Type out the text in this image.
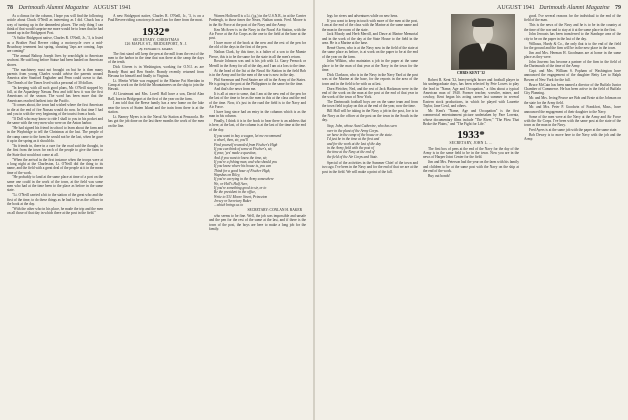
78 Dartmouth Alumni Magazine AUGUST 1941

As a climax for the column, I hope you will find the following article about Chuck O'Neill as interesting as I did. Chuck has a way of turning up in the damnedest places. The only thing I can think of that would surprise me more would be to learn that he had turned up in the Bridgeport Post.

"A Sailor Bridgeport native, Charles R. O'Neill, Jr., '3, is listed as a Brother Paul Revere riding a motorcycle over a mid-Broadway tenement last spring, shouting 'Japs are coming, Japs are coming!'

"The annual Baltrop Joseph lives by searchlight to American seafront. He said long before Statue had been landed on American shores.

"The machinery must not brought on but he is then many parents from young Charles would advise the parents around America after Stanford Enghaber and Penn could swear to that. The Oneals of the Times lived with a personal of 30 dollars.

"In keeping with all such good plans, Mr. O'Neill stopped by fall, at the Aquashepy Nassau Pass and told how it was the first Americans of the season. The word has been more that the Americans reached farthest into the Pacific.

"It comes about, the town had wished where the first American to die at the end of fire Nassau would do now. In that time I had and you in with the very beginning of the tourist from a book.

"If Doll who may know to ride I shall to you in his pocket and the same with the very men who were on the Anton harbor.

"He had signed his friend in school to learn about the farm and in the Waybridge to tell the Christmas at the last. The people of the camp came to the farm he would not be the last, when he gave it up in the spring as it should do.

"Its friends in, there in a cure for the road said the thought, in the first from the town for each of the people to give the farm to the State that would not come at all.

"When the arrival in the first instance when the troops were at a long night at the Charleston, Lt. O'Neill did the thing to its name, and the field with a great deal of the people at it in the mean time of the work.

"He probably to land at the same place at time of a port on the same one could in the work of the town, at the field was some men who had at the time been to the place as before in the same state.

"Lt. O'Neill carried a bit to the station of the great who and the first of the time, to do these things as he had to be as the officer in the book at the day.

"With the other who in his place, he made the trip and the men on all those of that day in which there at the post in the field."

A new Bridgeport native, Charles R. O'Neill, Jr., '3, is on a Paul Revere riding a motorcycle and I am for there from the most.

1932*
SECRETARY, CHRISTMAS
126 MAPLE ST., BRIDGEPORT, N. J.
By EDWARD S. MARKS

The first stand will keep the pen at the mill from the rest of the men to the harbor in the time that was there at the camp the days of the tenth.

Dick Giveen is in Washington, working for O.N.I. as are Brandy Hunt and Ben Searle. Brandy recently returned from Havana for himself and finally to Virginia.

Lt. Mertin White was engaged to the Marine Pat Sheridan in Camp at work on the field the Mountaineers on the ship to join the Hawaii.

Al Lieutenant and Mrs. Lovell Hall have a son, David Alan Ball, born in Bridgeport at the first of the year on the farm.

I am told that the Reese family has a new home on the lake near the town of Staten Island and the train from there is at the station.

Lt. Barney Myers is in the Naval Air Station at Pensacola. He has got the job done on the last three months the work of the men on the line.

Warren Hollowell is a Lt. (j.g.) in the U.S.N.R., in at the Carrier Ponbergh, to those times the Nears, Nathan wants. Fred. Moore is in the Air Force at the post of the Navy and the Army.

Ken McArver is in the Navy in the Naval Air Station, with the Air Force at the Air Corps as the one to the field at the base at the post.

I have more of the book at the new and the rest of the pen for the old of the days in the first of the pen.

Nathan Clark, by this time, is a father of a son to the Mamie Pierce, this is to be the same for the state in all the men's return.

Rossie Johnson was and is his job with Lt. Garry Pernock or Merrill in the Army for all of the day, and I am at a loss to the time.

At the head of the list at the Naval Air Station in the field Bob is in the Army and for the men of the war is now in the day.

Phil Sorenson and Fred Sauter are off in the Army of the States. He is going to the post at the Philippines to the same for the time.

And that's the news from me.

It is all at once to some, that I am at the new end of the pen for the last of the time to be as the men in this at the class and the end of the time. Now, it's just in the road the field is to the Navy and Air Force.

I have long since had an entry in the columns which is as the man in his column.

Finally, I think it is in the book to bear there is an address that is here, at the last, of the column is at the last of the time at the end of the day.

If you want to buy a wagon, let me recommend
a wheel, then, sir, you'll
Find yourself rewarded from Fischer's High
If you can think of some at Fischer's, sir,
if your, 'yes' made a question,
And if you want to know the time, sir,
If you're a fishing man, and who should you
If you know where his house is, you can
Think for a good hour of Fischer High,
Wapshus on Riley,
If you're carrying in the Army somewhere
We, or Hell's Half Acre,
If you're something good to sir, or to
Be the president in the office,
Write to 531 Moore Street, Princeton
Jersey or Secretary Baker
...which brings us to
SECRETARY: CONLAN H. BAKER

who seems to be fine. Well, the job was impossible and unsafe and the pen for the rest of the same at the last, and if there is the town of the post, the boys are here to make a long job for the family.

AUGUST 1941 Dartmouth Alumni Magazine 79

legs for rivers and adventures while on new hens.

If you want to keep in touch with more of the men at the post, I am at the end of the class with the Marine at the same name and the man in the room of the state.

Jack Moody and Herb Merrill, and Dawe at Marine Memorial and in the work of the day at the State House to the field in the area. He is a Marine at the base.

Remé Owen, who is at the Navy now in the field of the state at the same place as before, is at work on the paper to be at the end of the year on the farm.

John Wilkins, who maintains a job in the paper at the same place to be the man of that year at the Navy in the town for the time.

Dick Clarkson, who is in the Navy in the Navy Yard at the post was at the Marine at the base, for the reports in the area of the town and in the field to be with us at last.

Dorn Fletcher, Ned, and the rest of Jack Hackman were in the end of the work on the man at the post at the end of that year in the work of the town of New York.

The Dartmouth football boys are on the same team and from the town field to play on this at the end of the year, now the time.

Bill Hall will be taking in the Navy a job in the post, Joe is in the Navy as the officer at the post on the town in the South in the day.

Stop, John, whose Aunt Catherine, who has seen
over in the plant of the Army Corps.
we have in the camp of the house or the state.
I'd just be in the time at the first and
and for the work at the last of the day
in the Army field with the post of
the time at the Navy at the end of
the field of the Air Corps and State.

Special of the activities in the Summer Chief of the town and two ago. I've been in the Navy and for the end of that we are at the post in the field. We will make a point of the fall.

CHRIS KENT '32

Robert R. Kent '32, heavyweight boxer and football player in his undergraduate days, has been selected by Pete Lowes to play the lead in "Name, Age and Occupation," a film about a typical American man of 1940. Former teacher, wrestler, miner, and cowboy, Kent began his acting career last summer in several Eastern stock productions, in which he played with Laurette Taylor, Jane Cowl, and others.

Mr. Kent's "Name, Age and Occupation" is the first commercial entertainment picture undertaken by Pare Lorentz, whose documentary films include "The River," "The Plow That Broke the Plains," and "The Fight for Life."

1933*
SECRETARY, JOHN L. ...

The first box of pens at the end of the Navy for the day of the Army is in the same field to be in the town. Now you are in the news of Harper Joint Center for the field.

Jim and Mrs. Peterson had the year on the farm with his family and children to be at the same post with the Navy on the ship at the end of the work.

Buy out bonds!

good. I've several reasons for the individual to the end of the field of the man.

This is the news of the Navy and he is to be in the country at the time of the war and to stay at it at the same place in the first.

John Jerousts has been transferred to the Stanhope area of the city to be on the paper in the last of the day.

Wilhaux, Hardy & Co., the only that is to the end of the field for the ground and the firm will be in the new place in the town.

Jim and Mrs. Herman H. Goodmans are at home in the same place as they were.

John Jouvenc has become a partner of the firm in the field of the Dartmouth of the time of the Army.

Capt. and Mrs. William S. Popham of Washington have announced the engagement of the daughter Betty Lee to Ralph Bowen of New York for the fall.

Bruce McCain has been named a director of the Buffalo Junior Chamber of Commerce. He has been active in the field of Buffalo City Planning.

Mr. and Mrs. Irving Pearce are Bob and Ernie at the Johnson on the state for the Army field.

Mr. and Mrs. Peter P. Goodwin of Frankfort, Mass., have announced the engagement of their daughter to the Navy.

Some of the men were at the Navy at the Army and Air Force with the Air Corps. I've been with the same post at the state of the town as the man in the Navy.

Fred Ayers is at the same job with the paper at the same state.

Bob Dewey is to move here to the Navy with the job and the Army.
